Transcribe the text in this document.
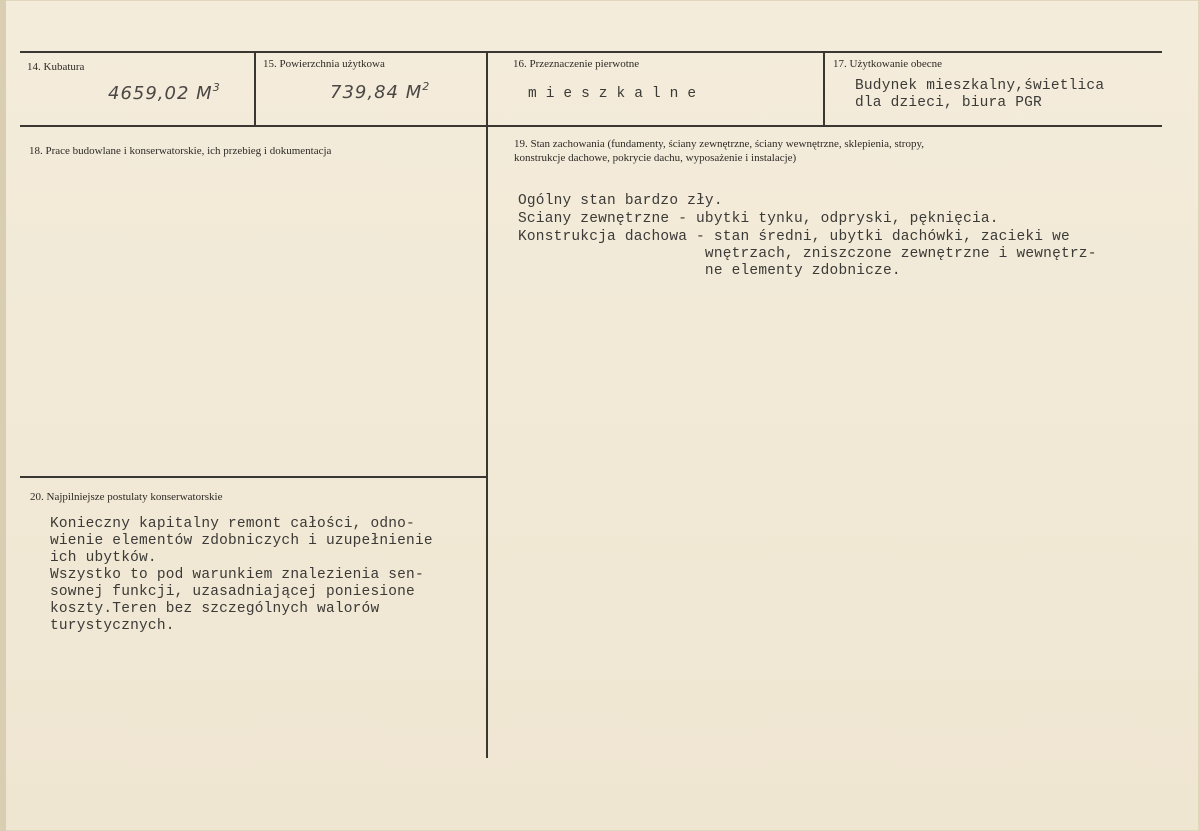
14. Kubatura
4659,02 $M^3$
15. Powierzchnia użytkowa
739,84 $M^2$
16. Przeznaczenie pierwotne
mieszkalne
17. Użytkowanie obecne
Budynek mieszkalny,świetlica
dla dzieci, biura PGR
18. Prace budowlane i konserwatorskie, ich przebieg i dokumentacja
19. Stan zachowania (fundamenty, ściany zewnętrzne, ściany wewnętrzne, sklepienia, stropy,
konstrukcje dachowe, pokrycie dachu, wyposażenie i instalacje)
Ogólny stan bardzo zły.
Sciany zewnętrzne - ubytki tynku, odpryski, pęknięcia.
Konstrukcja dachowa - stan średni, ubytki dachówki, zacieki we
wnętrzach, zniszczone zewnętrzne i wewnętrz-
ne elementy zdobnicze.
20. Najpilniejsze postulaty konserwatorskie
Konieczny kapitalny remont całości, odno-
wienie elementów zdobniczych i uzupełnienie
ich ubytków.
Wszystko to pod warunkiem znalezienia sen-
sownej funkcji, uzasadniającej poniesione
koszty.Teren bez szczególnych walorów
turystycznych.
